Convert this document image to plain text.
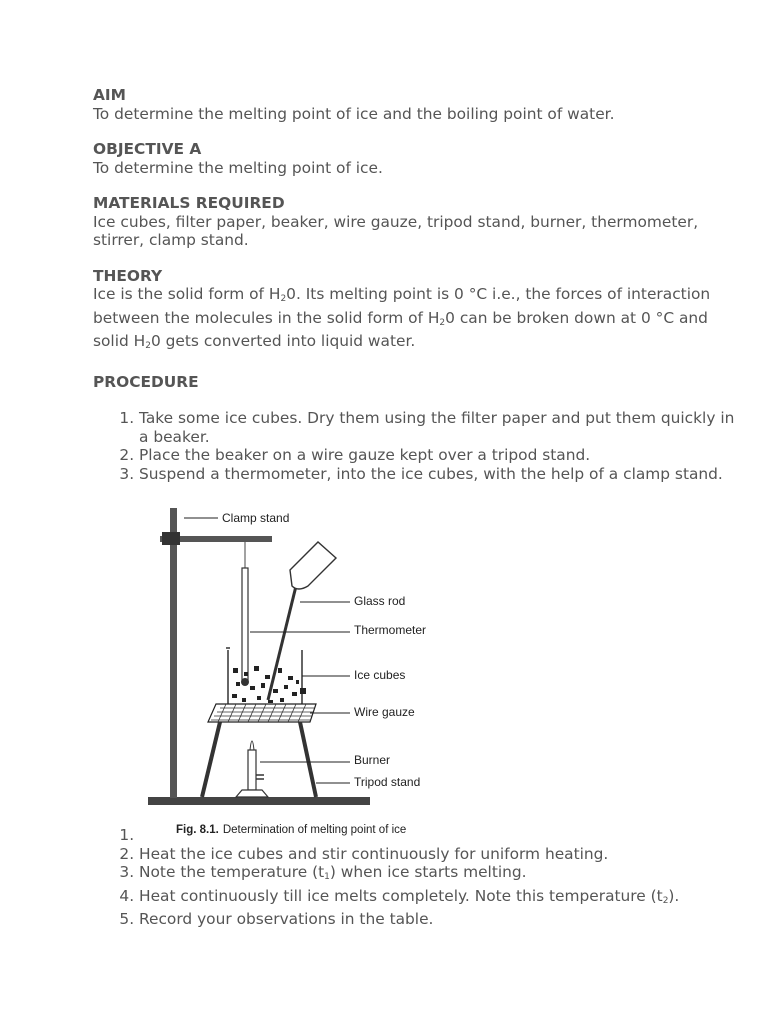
AIM
To determine the melting point of ice and the boiling point of water.
OBJECTIVE A
To determine the melting point of ice.
MATERIALS REQUIRED
Ice cubes, filter paper, beaker, wire gauze, tripod stand, burner, thermometer, stirrer, clamp stand.
THEORY
Ice is the solid form of H20. Its melting point is 0 °C i.e., the forces of interaction between the molecules in the solid form of H20 can be broken down at 0 °C and solid H20 gets converted into liquid water.
PROCEDURE
1. Take some ice cubes. Dry them using the filter paper and put them quickly in a beaker.
2. Place the beaker on a wire gauze kept over a tripod stand.
3. Suspend a thermometer, into the ice cubes, with the help of a clamp stand.
Clamp stand
Glass rod
Thermometer
Ice cubes
Wire gauze
Burner
Tripod stand
Fig. 8.1. Determination of melting point of ice
1.
2. Heat the ice cubes and stir continuously for uniform heating.
3. Note the temperature (t1) when ice starts melting.
4. Heat continuously till ice melts completely. Note this temperature (t2).
5. Record your observations in the table.
